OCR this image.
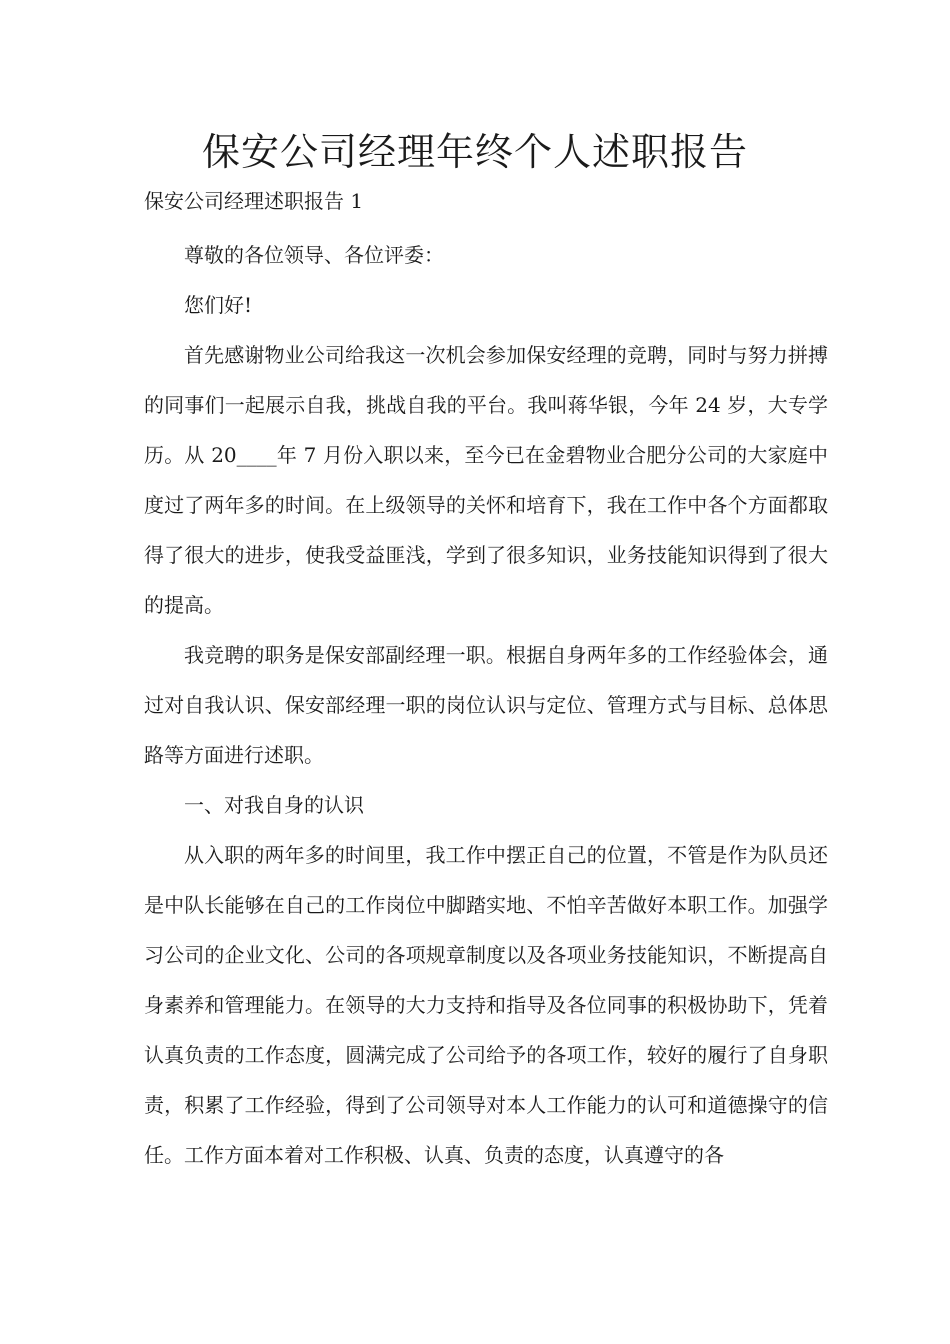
保安公司经理年终个人述职报告

保安公司经理述职报告 1

尊敬的各位领导、各位评委：

您们好!

首先感谢物业公司给我这一次机会参加保安经理的竞聘，同时与努力拼搏的同事们一起展示自我，挑战自我的平台。我叫蒋华银，今年 24 岁，大专学历。从 20____年 7 月份入职以来，至今已在金碧物业合肥分公司的大家庭中度过了两年多的时间。在上级领导的关怀和培育下，我在工作中各个方面都取得了很大的进步，使我受益匪浅，学到了很多知识，业务技能知识得到了很大的提高。

我竞聘的职务是保安部副经理一职。根据自身两年多的工作经验体会，通过对自我认识、保安部经理一职的岗位认识与定位、管理方式与目标、总体思路等方面进行述职。

一、对我自身的认识

从入职的两年多的时间里，我工作中摆正自己的位置，不管是作为队员还是中队长能够在自己的工作岗位中脚踏实地、不怕辛苦做好本职工作。加强学习公司的企业文化、公司的各项规章制度以及各项业务技能知识，不断提高自身素养和管理能力。在领导的大力支持和指导及各位同事的积极协助下，凭着认真负责的工作态度，圆满完成了公司给予的各项工作，较好的履行了自身职责，积累了工作经验，得到了公司领导对本人工作能力的认可和道德操守的信任。工作方面本着对工作积极、认真、负责的态度，认真遵守的各
